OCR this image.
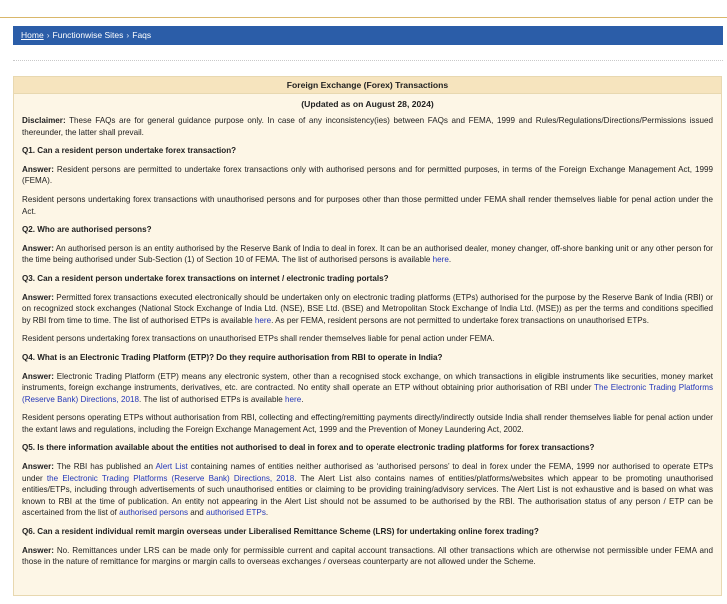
Home › Functionwise Sites › Faqs
Foreign Exchange (Forex) Transactions
(Updated as on August 28, 2024)

Disclaimer: These FAQs are for general guidance purpose only. In case of any inconsistency(ies) between FAQs and FEMA, 1999 and Rules/Regulations/Directions/Permissions issued thereunder, the latter shall prevail.

Q1. Can a resident person undertake forex transaction?

Answer: Resident persons are permitted to undertake forex transactions only with authorised persons and for permitted purposes, in terms of the Foreign Exchange Management Act, 1999 (FEMA).

Resident persons undertaking forex transactions with unauthorised persons and for purposes other than those permitted under FEMA shall render themselves liable for penal action under the Act.

Q2. Who are authorised persons?

Answer: An authorised person is an entity authorised by the Reserve Bank of India to deal in forex. It can be an authorised dealer, money changer, off-shore banking unit or any other person for the time being authorised under Sub-Section (1) of Section 10 of FEMA. The list of authorised persons is available here.

Q3. Can a resident person undertake forex transactions on internet / electronic trading portals?

Answer: Permitted forex transactions executed electronically should be undertaken only on electronic trading platforms (ETPs) authorised for the purpose by the Reserve Bank of India (RBI) or on recognized stock exchanges (National Stock Exchange of India Ltd. (NSE), BSE Ltd. (BSE) and Metropolitan Stock Exchange of India Ltd. (MSE)) as per the terms and conditions specified by RBI from time to time. The list of authorised ETPs is available here. As per FEMA, resident persons are not permitted to undertake forex transactions on unauthorised ETPs.

Resident persons undertaking forex transactions on unauthorised ETPs shall render themselves liable for penal action under FEMA.

Q4. What is an Electronic Trading Platform (ETP)? Do they require authorisation from RBI to operate in India?

Answer: Electronic Trading Platform (ETP) means any electronic system, other than a recognised stock exchange, on which transactions in eligible instruments like securities, money market instruments, foreign exchange instruments, derivatives, etc. are contracted. No entity shall operate an ETP without obtaining prior authorisation of RBI under The Electronic Trading Platforms (Reserve Bank) Directions, 2018. The list of authorised ETPs is available here.

Resident persons operating ETPs without authorisation from RBI, collecting and effecting/remitting payments directly/indirectly outside India shall render themselves liable for penal action under the extant laws and regulations, including the Foreign Exchange Management Act, 1999 and the Prevention of Money Laundering Act, 2002.

Q5. Is there information available about the entities not authorised to deal in forex and to operate electronic trading platforms for forex transactions?

Answer: The RBI has published an Alert List containing names of entities neither authorised as ‘authorised persons’ to deal in forex under the FEMA, 1999 nor authorised to operate ETPs under the Electronic Trading Platforms (Reserve Bank) Directions, 2018. The Alert List also contains names of entities/platforms/websites which appear to be promoting unauthorised entities/ETPs, including through advertisements of such unauthorised entities or claiming to be providing training/advisory services. The Alert List is not exhaustive and is based on what was known to RBI at the time of publication. An entity not appearing in the Alert List should not be assumed to be authorised by the RBI. The authorisation status of any person / ETP can be ascertained from the list of authorised persons and authorised ETPs.

Q6. Can a resident individual remit margin overseas under Liberalised Remittance Scheme (LRS) for undertaking online forex trading?

Answer: No. Remittances under LRS can be made only for permissible current and capital account transactions. All other transactions which are otherwise not permissible under FEMA and those in the nature of remittance for margins or margin calls to overseas exchanges / overseas counterparty are not allowed under the Scheme.
